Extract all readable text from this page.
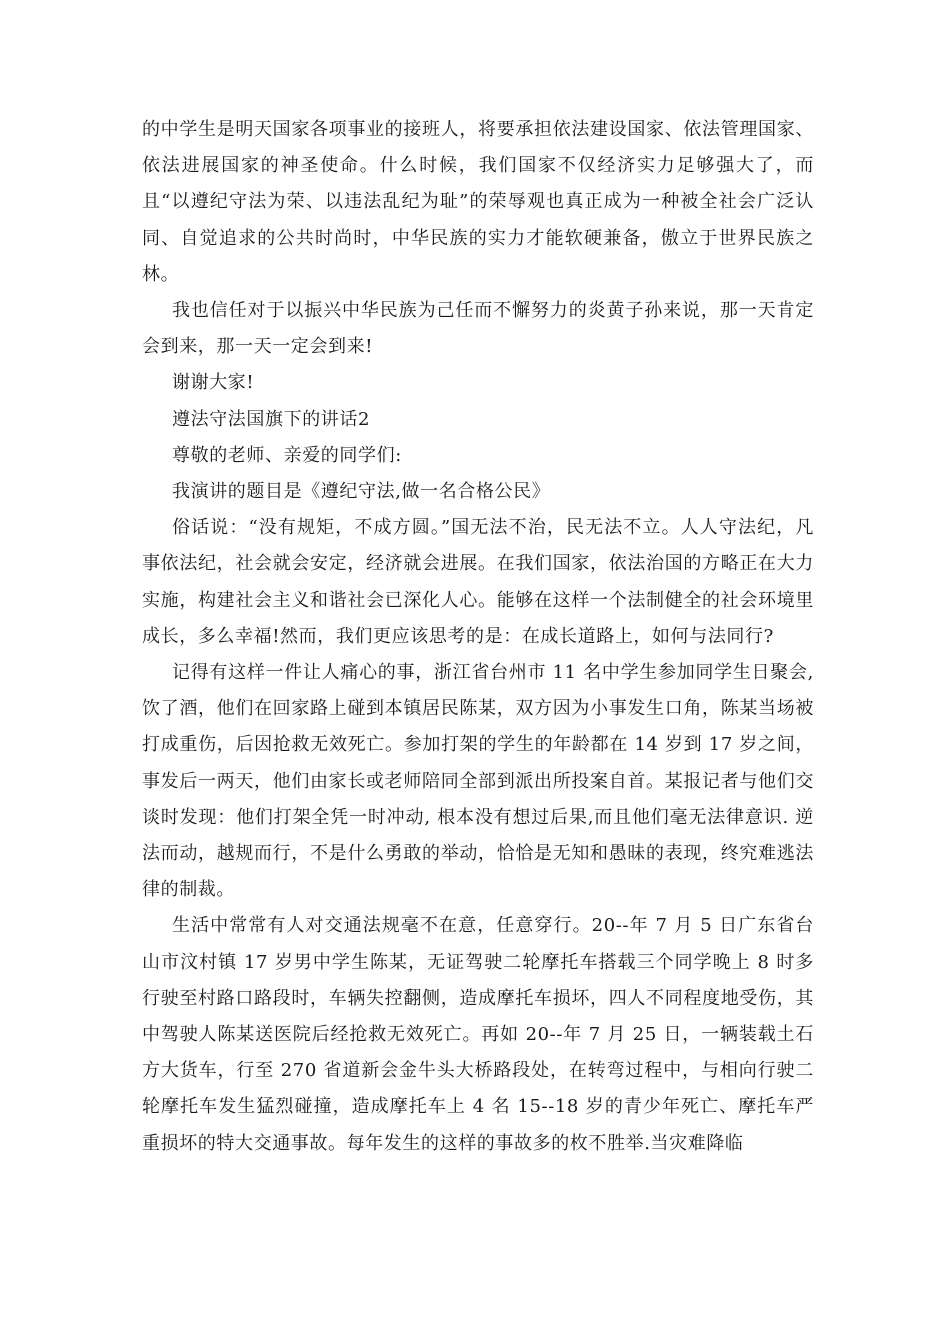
的中学生是明天国家各项事业的接班人，将要承担依法建设国家、依法管理国家、依法进展国家的神圣使命。什么时候，我们国家不仅经济实力足够强大了，而且“以遵纪守法为荣、以违法乱纪为耻”的荣辱观也真正成为一种被全社会广泛认同、自觉追求的公共时尚时，中华民族的实力才能软硬兼备，傲立于世界民族之林。

我也信任对于以振兴中华民族为己任而不懈努力的炎黄子孙来说，那一天肯定会到来，那一天一定会到来!

谢谢大家!

遵法守法国旗下的讲话2

尊敬的老师、亲爱的同学们:

我演讲的题目是《遵纪守法,做一名合格公民》

俗话说：“没有规矩，不成方圆。”国无法不治，民无法不立。人人守法纪，凡事依法纪，社会就会安定，经济就会进展。在我们国家，依法治国的方略正在大力实施，构建社会主义和谐社会已深化人心。能够在这样一个法制健全的社会环境里成长，多么幸福!然而，我们更应该思考的是：在成长道路上，如何与法同行?

记得有这样一件让人痛心的事，浙江省台州市 11 名中学生参加同学生日聚会,饮了酒，他们在回家路上碰到本镇居民陈某，双方因为小事发生口角，陈某当场被打成重伤，后因抢救无效死亡。参加打架的学生的年龄都在 14 岁到 17 岁之间，事发后一两天，他们由家长或老师陪同全部到派出所投案自首。某报记者与他们交谈时发现：他们打架全凭一时冲动, 根本没有想过后果,而且他们毫无法律意识. 逆法而动，越规而行，不是什么勇敢的举动，恰恰是无知和愚昧的表现，终究难逃法律的制裁。

生活中常常有人对交通法规毫不在意，任意穿行。20--年 7 月 5 日广东省台山市汶村镇 17 岁男中学生陈某，无证驾驶二轮摩托车搭载三个同学晚上 8 时多行驶至村路口路段时，车辆失控翻侧，造成摩托车损坏，四人不同程度地受伤，其中驾驶人陈某送医院后经抢救无效死亡。再如 20--年 7 月 25 日，一辆装载土石方大货车，行至 270 省道新会金牛头大桥路段处，在转弯过程中，与相向行驶二轮摩托车发生猛烈碰撞，造成摩托车上 4 名 15--18 岁的青少年死亡、摩托车严重损坏的特大交通事故。每年发生的这样的事故多的枚不胜举.当灾难降临
